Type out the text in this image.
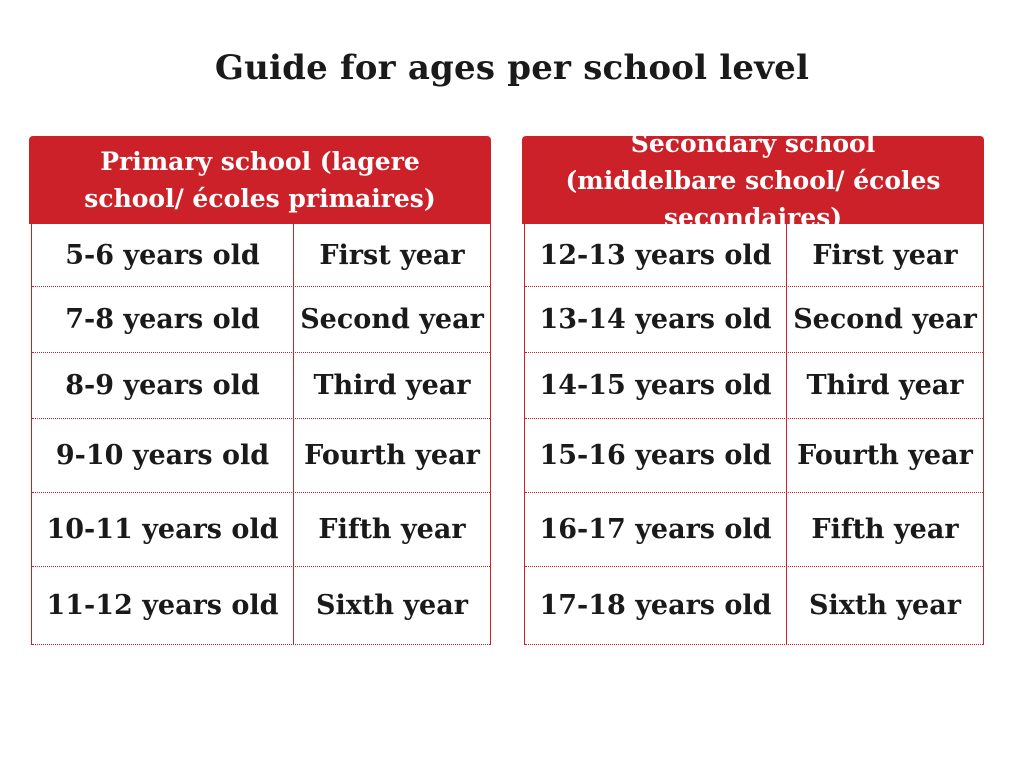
Guide for ages per school level
Primary school (lagere school/ écoles primaires)
5-6 years old	First year
7-8 years old	Second year
8-9 years old	Third year
9-10 years old	Fourth year
10-11 years old	Fifth year
11-12 years old	Sixth year
Secondary school (middelbare school/ écoles secondaires)
12-13 years old	First year
13-14 years old Second year
14-15 years old	Third year
15-16 years old Fourth year
16-17 years old	Fifth year
17-18 years old	Sixth year
